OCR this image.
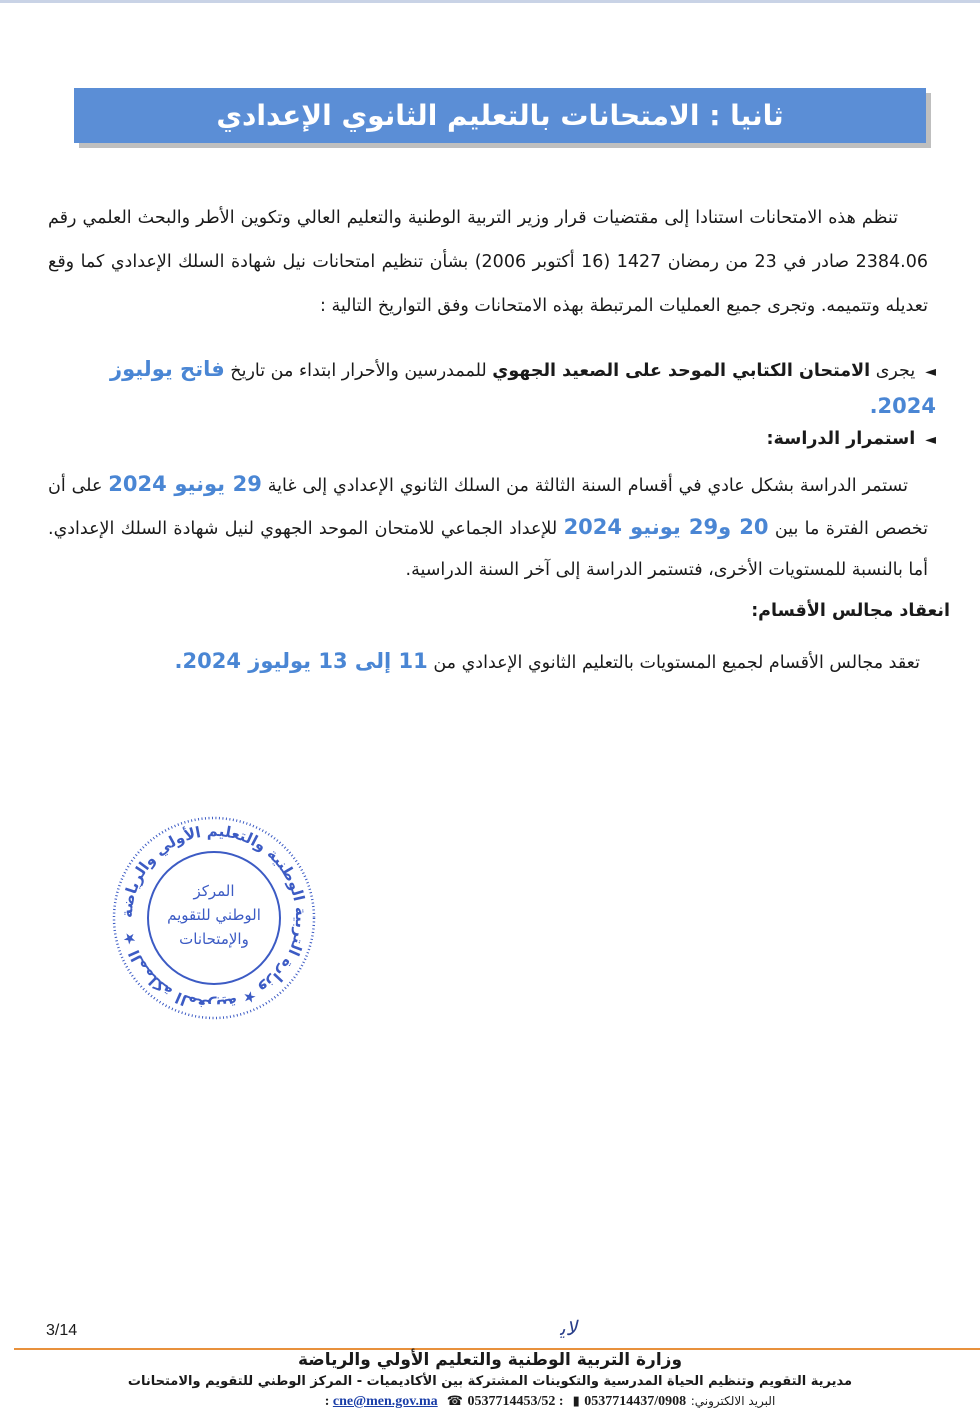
ثانيا : الامتحانات بالتعليم الثانوي الإعدادي

تنظم هذه الامتحانات استنادا إلى مقتضيات قرار وزير التربية الوطنية والتعليم العالي وتكوين الأطر والبحث العلمي رقم 2384.06 صادر في 23 من رمضان 1427 (16 أكتوبر 2006) بشأن تنظيم امتحانات نيل شهادة السلك الإعدادي كما وقع تعديله وتتميمه. وتجرى جميع العمليات المرتبطة بهذه الامتحانات وفق التواريخ التالية :

◄يجرى الامتحان الكتابي الموحد على الصعيد الجهوي للممدرسين والأحرار ابتداء من تاريخ فاتح يوليوز 2024.
◄استمرار الدراسة:

تستمر الدراسة بشكل عادي في أقسام السنة الثالثة من السلك الثانوي الإعدادي إلى غاية 29 يونيو 2024 على أن تخصص الفترة ما بين 20 و29 يونيو 2024 للإعداد الجماعي للامتحان الموحد الجهوي لنيل شهادة السلك الإعدادي. أما بالنسبة للمستويات الأخرى، فتستمر الدراسة إلى آخر السنة الدراسية.

انعقاد مجالس الأقسام:
تعقد مجالس الأقسام لجميع المستويات بالتعليم الثانوي الإعدادي من 11 إلى 13 يوليوز 2024.
المملكة المغربية ★ وزارة التربية الوطنية والتعليم الأولي والرياضة ★
المركز
الوطني للتقويم
والإمتحانات
3/14	ﻻﻳ
وزارة التربية الوطنية والتعليم الأولي والرياضة
مديرية التقويم وتنظيم الحياة المدرسية والتكوينات المشتركة بين الأكاديميات - المركز الوطني للتقويم والامتحانات
البريد الالكتروني: cne@men.gov.ma ☎ 0537714453/52 : ▮ 0537714437/0908 :
